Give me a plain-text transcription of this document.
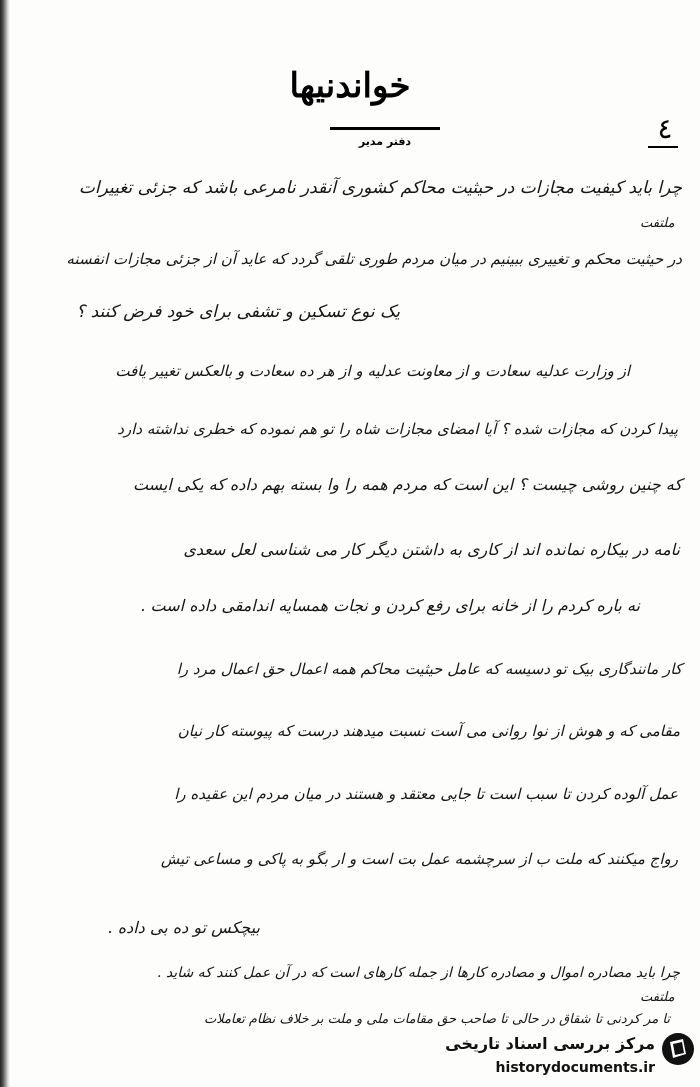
خواندنیها
دفتر مدیر	٤
چرا باید کیفیت مجازات در حیثیت محاکم کشوری آنقدر نامرعی باشد که جزئی تغییرات
در حیثیت محکم و تغییری ببینیم در میان مردم طوری تلقی گردد که عاید آن از جزئی مجازات انفسنه
یک نوع تسکین و تشفی برای خود فرض کنند ؟
از وزارت عدلیه سعادت و از معاونت عدلیه و از هر ده سعادت و بالعکس تغییر یافت
پیدا کردن که مجازات شده ؟ آیا امضای مجازات شاه را تو هم نموده که خطری نداشته دارد
که چنین روشی چیست ؟ این است که مردم همه را وا بسته بهم داده که یکی ایست
نامه در بیکاره نمانده اند از کاری به داشتن دیگر کار می شناسی لعل سعدی
نه باره کردم را از خانه برای رفع کردن و نجات همسایه اندامقی داده است .
کار مانندگاری بیک تو دسیسه که عامل حیثیت محاکم همه اعمال حق اعمال مرد را
مقامی که و هوش از نوا روانی می آست نسبت میدهند درست که پیوسته کار نیان
عمل آلوده کردن تا سبب است تا جایی معتقد و هستند در میان مردم این عقیده را
رواج میکنند که ملت ب از سرچشمه عمل بت است و ار بگو به پاکی و مساعی تیش
بیچکس تو ده بی داده .
چرا باید مصادره اموال و مصادره کارها از جمله کارهای است که در آن عمل کنند که شاید .
تا مر کردنی تا شقاق در حالی تا صاحب حق مقامات ملی و ملت بر خلاف نظام تعاملات
ملتفت
ملتفت
مرکز بررسی اسناد تاریخی
historydocuments.ir
